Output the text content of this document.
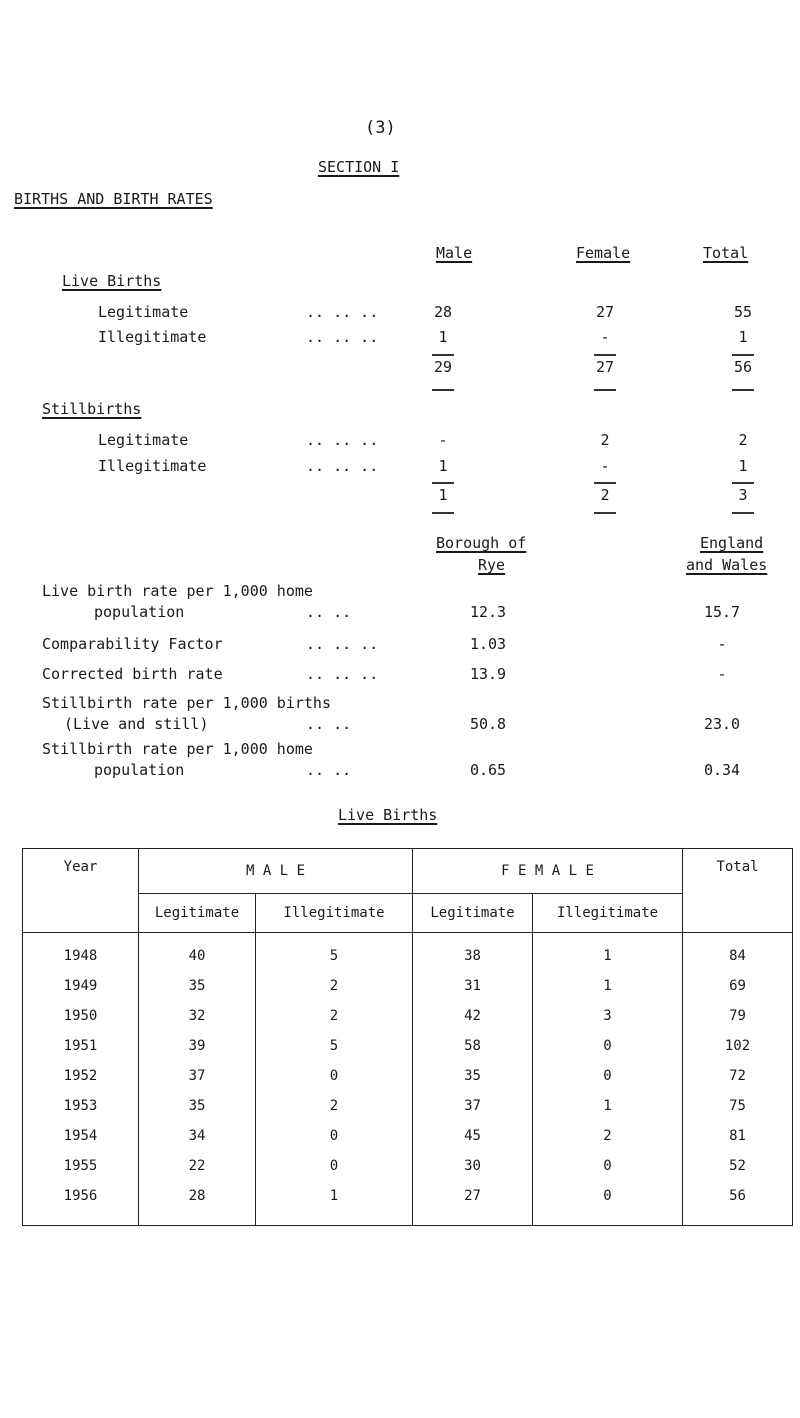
(3)
SECTION I
BIRTHS AND BIRTH RATES
Male	Female	Total
Live Births
Legitimate	.. .. ..	28	27	55
Illegitimate	.. .. ..	1	-	1
29	27	56
Stillbirths
Legitimate	.. .. ..	-	2	2
Illegitimate	.. .. ..	1	-	1
1	2	3
Borough of
Rye
England
and Wales
Live birth rate per 1,000 home
population	.. ..	12.3	15.7
Comparability Factor	.. .. ..	1.03	-
Corrected birth rate	.. .. ..	13.9	-
Stillbirth rate per 1,000 births
(Live and still)	.. ..	50.8	23.0
Stillbirth rate per 1,000 home
population	.. ..	0.65	0.34
Live Births
Year	M A L E		F E M A L E		Total
	Legitimate	Illegitimate	Legitimate	Illegitimate	
1948	40	5	38	1	84
1949	35	2	31	1	69
1950	32	2	42	3	79
1951	39	5	58	0	102
1952	37	0	35	0	72
1953	35	2	37	1	75
1954	34	0	45	2	81
1955	22	0	30	0	52
1956	28	1	27	0	56
